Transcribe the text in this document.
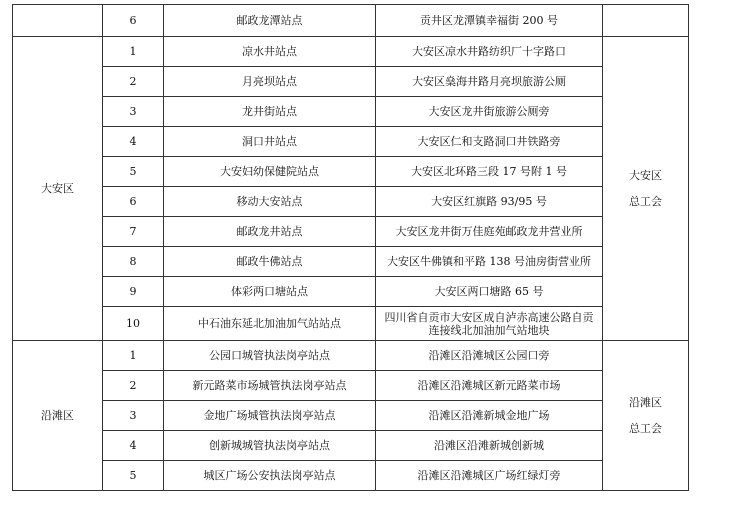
	6	邮政龙潭站点	贡井区龙潭镇幸福街 200 号	
大安区	1	凉水井站点	大安区凉水井路纺织厂十字路口	大安区
总工会

	2	月亮坝站点	大安区燊海井路月亮坝旅游公厕	
	3	龙井街站点	大安区龙井街旅游公厕旁	
	4	洞口井站点	大安区仁和支路洞口井铁路旁	
	5	大安妇幼保健院站点	大安区北环路三段 17 号附 1 号	
	6	移动大安站点	大安区红旗路 93/95 号	
	7	邮政龙井站点	大安区龙井街万佳庭苑邮政龙井营业所	
	8	邮政牛佛站点	大安区牛佛镇和平路 138 号油房街营业所	
	9	体彩两口塘站点	大安区两口塘路 65 号	
	10	中石油东延北加油加气站站点	四川省自贡市大安区成自泸赤高速公路自贡
连接线北加油加气站地块	

沿滩区	1	公园口城管执法岗亭站点	沿滩区沿滩城区公园口旁	沿滩区
总工会

	2	新元路菜市场城管执法岗亭站点	沿滩区沿滩城区新元路菜市场	
	3	金地广场城管执法岗亭站点	沿滩区沿滩新城金地广场	
	4	创新城城管执法岗亭站点	沿滩区沿滩新城创新城	
	5	城区广场公安执法岗亭站点	沿滩区沿滩城区广场红绿灯旁	
